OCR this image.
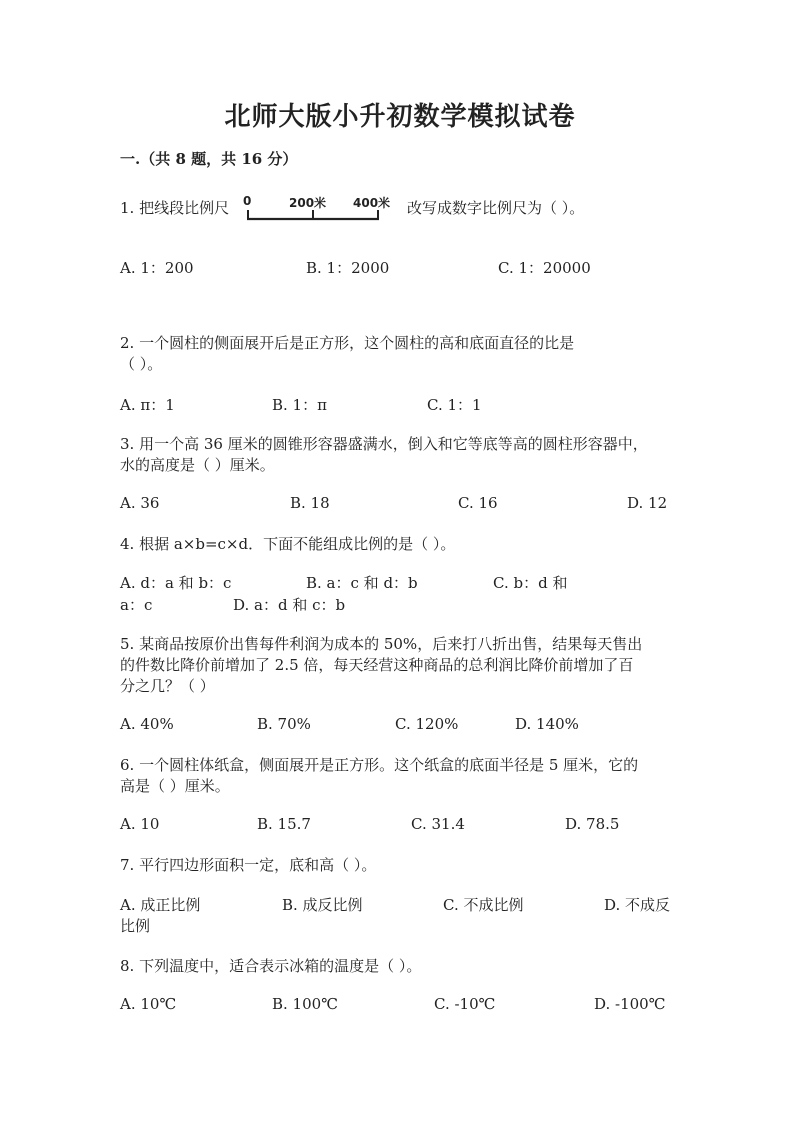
北师大版小升初数学模拟试卷
一.（共 8 题，共 16 分）
1. 把线段比例尺 0	200米 400米 改写成数字比例尺为（ ）。
A. 1：200	B. 1：2000	C. 1：20000
2. 一个圆柱的侧面展开后是正方形，这个圆柱的高和底面直径的比是
（ ）。
A. π：1	B. 1：π	C. 1：1
3. 用一个高 36 厘米的圆锥形容器盛满水，倒入和它等底等高的圆柱形容器中，
水的高度是（ ）厘米。
A. 36	B. 18	C. 16	D. 12
4. 根据 a×b=c×d．下面不能组成比例的是（ ）。
A. d：a 和 b：c	B. a：c 和 d：b	C. b：d 和
a：c	D. a：d 和 c：b
5. 某商品按原价出售每件利润为成本的 50%，后来打八折出售，结果每天售出
的件数比降价前增加了 2.5 倍，每天经营这种商品的总利润比降价前增加了百
分之几？（ ）
A. 40%	B. 70%	C. 120%	D. 140%
6. 一个圆柱体纸盒，侧面展开是正方形。这个纸盒的底面半径是 5 厘米，它的
高是（ ）厘米。
A. 10	B. 15.7	C. 31.4	D. 78.5
7. 平行四边形面积一定，底和高（ ）。
A. 成正比例	B. 成反比例	C. 不成比例	D. 不成反
比例
8. 下列温度中，适合表示冰箱的温度是（ ）。
A. 10℃	B. 100℃	C. -10℃	D. -100℃
